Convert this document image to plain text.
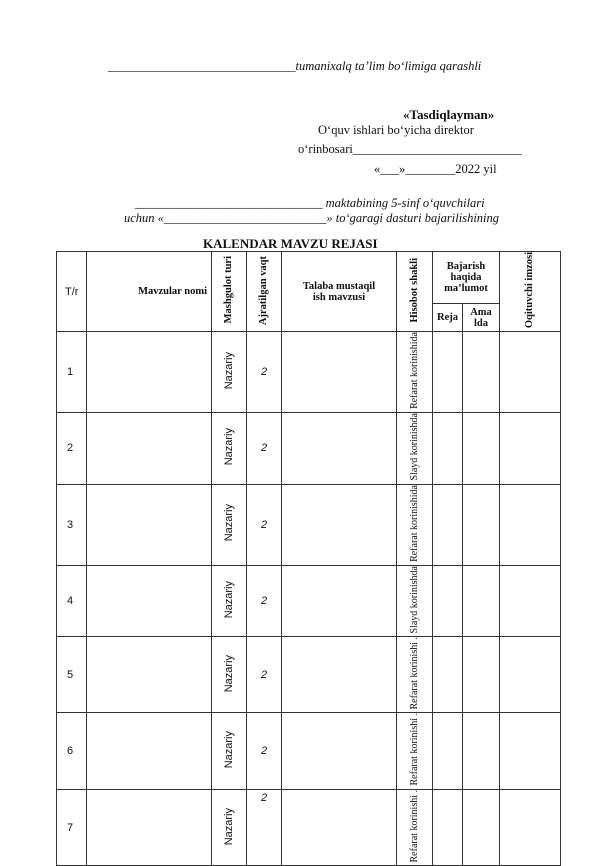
______________________________tumanixalq ta’lim bo‘limiga qarashli
«Tasdiqlayman»
O‘quv ishlari bo‘yicha direktor
o‘rinbosari___________________________
«___»________2022 yil
______________________________ maktabining 5-sinf o‘quvchilari
uchun «__________________________» to‘garagi dasturi bajarilishining
KALENDAR MAVZU REJASI
T/r	Mavzular nomi	Mashgulot turi	Ajratilgan vaqt	Talaba mustaqil ish mavzusi	Hisobot shakli	Bajarish haqida ma’lumot		Oqituvchi imzosi
						Reja	Ama lda	
1		Nazariy	2		Refarat korinishida			
2		Nazariy	2		Slayd korinishda			
3		Nazariy	2		Refarat korinishida			
4		Nazariy	2		Slayd korinishda			
5		Nazariy	2		Refarat korinishi .			
6		Nazariy	2		Refarat korinishi .			
7		Nazariy	2		Refarat korinishi .			
